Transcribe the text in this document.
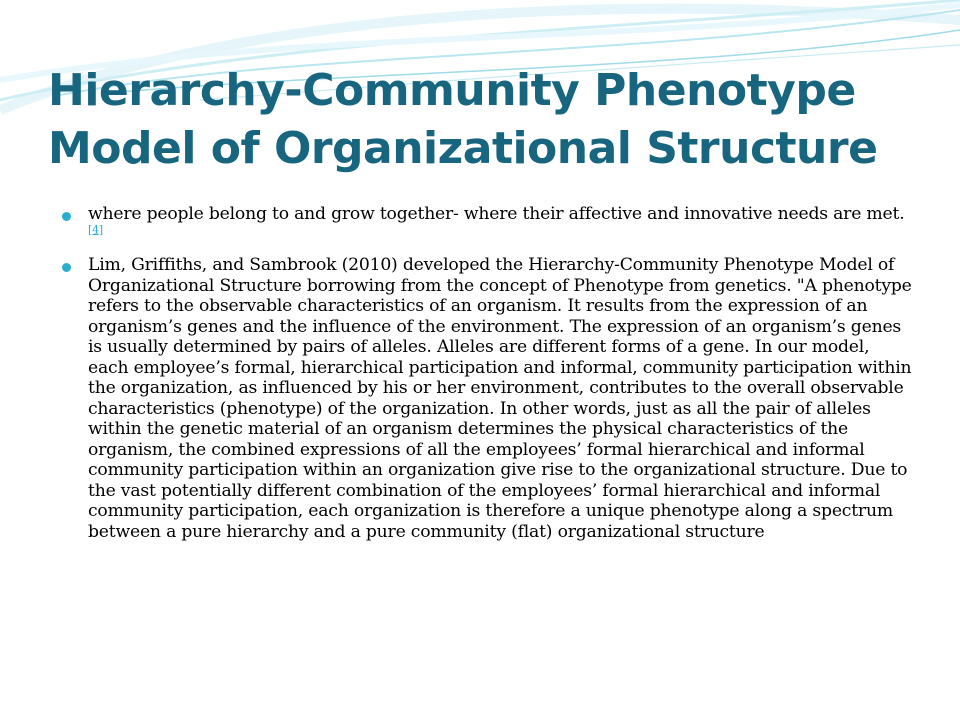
Hierarchy-Community Phenotype Model of Organizational Structure
where people belong to and grow together- where their affective and innovative needs are met.[4]
Lim, Griffiths, and Sambrook (2010) developed the Hierarchy-Community Phenotype Model of Organizational Structure borrowing from the concept of Phenotype from genetics. "A phenotype refers to the observable characteristics of an organism. It results from the expression of an organism’s genes and the influence of the environment. The expression of an organism’s genes is usually determined by pairs of alleles. Alleles are different forms of a gene. In our model, each employee’s formal, hierarchical participation and informal, community participation within the organization, as influenced by his or her environment, contributes to the overall observable characteristics (phenotype) of the organization. In other words, just as all the pair of alleles within the genetic material of an organism determines the physical characteristics of the organism, the combined expressions of all the employees’ formal hierarchical and informal community participation within an organization give rise to the organizational structure. Due to the vast potentially different combination of the employees’ formal hierarchical and informal community participation, each organization is therefore a unique phenotype along a spectrum between a pure hierarchy and a pure community (flat) organizational structure
